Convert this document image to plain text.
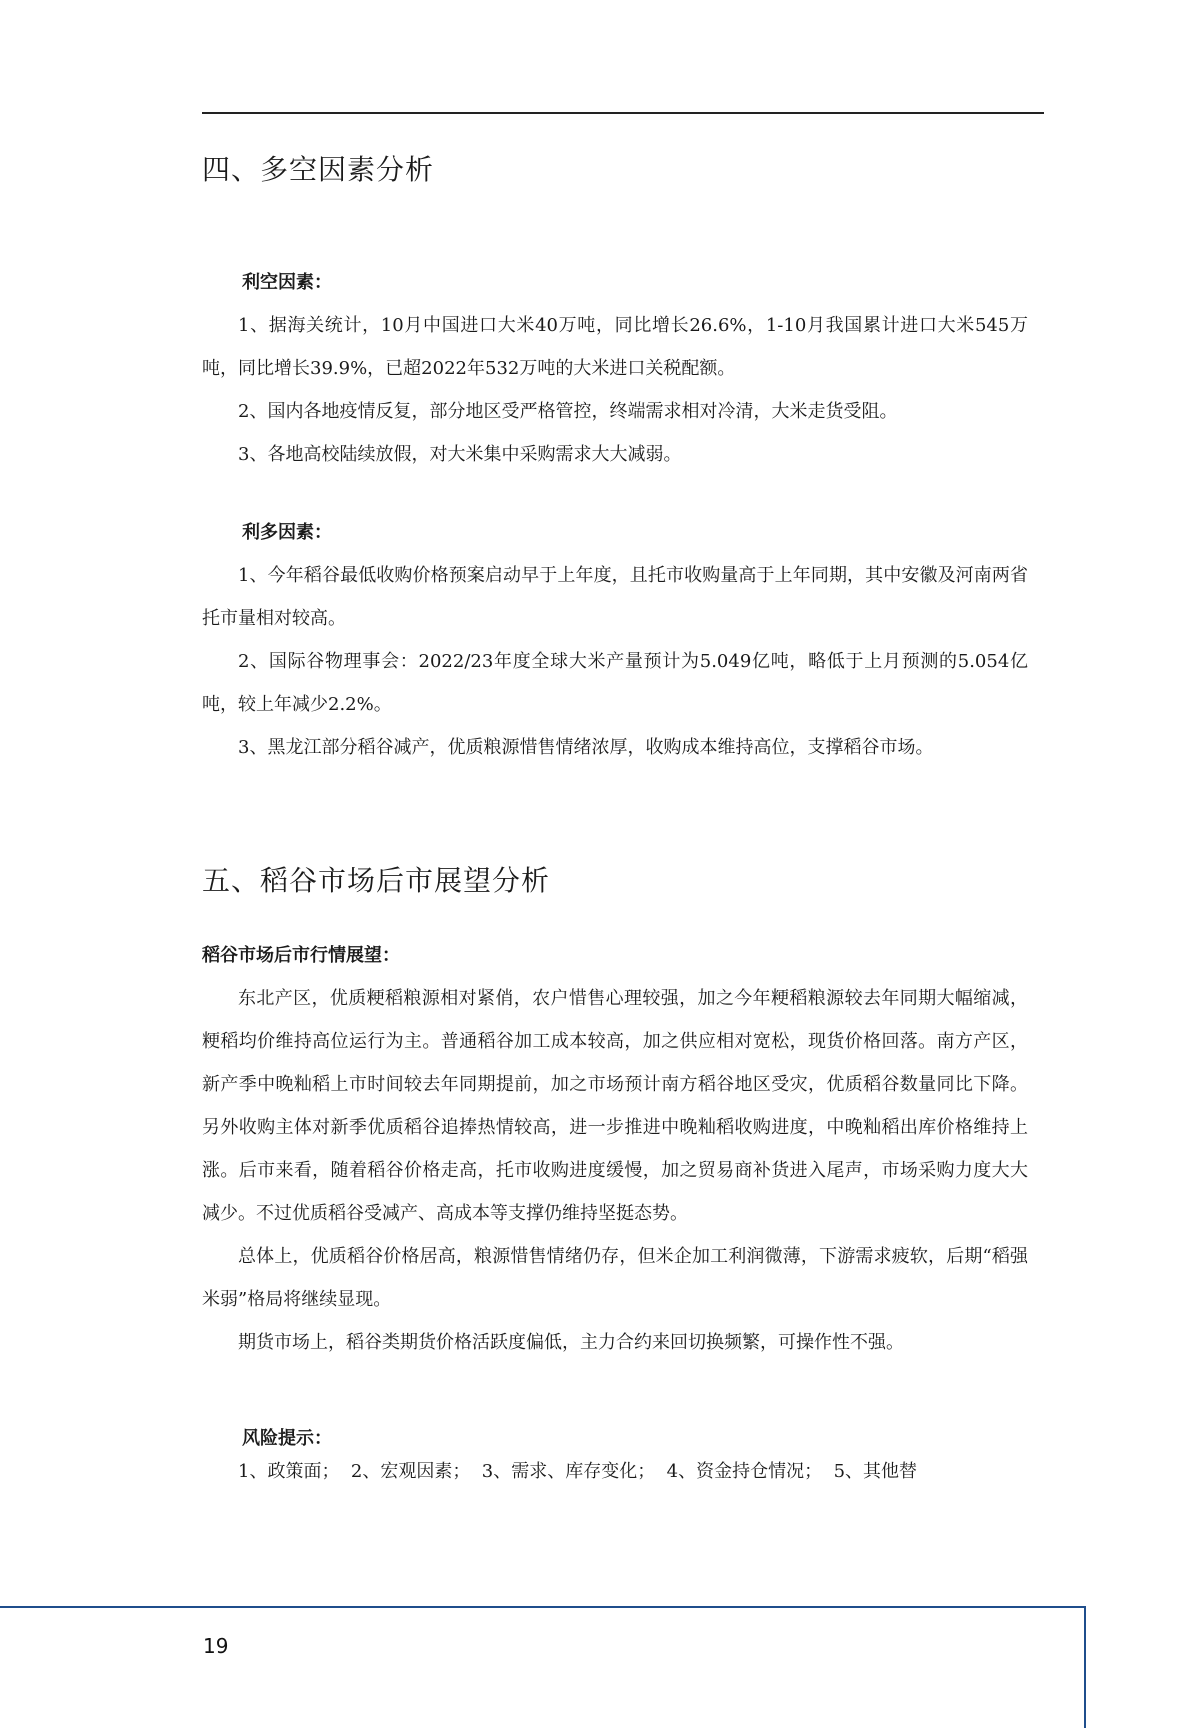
四、多空因素分析

利空因素：

1、据海关统计，10月中国进口大米40万吨，同比增长26.6%，1-10月我国累计进口大米545万吨，同比增长39.9%，已超2022年532万吨的大米进口关税配额。

2、国内各地疫情反复，部分地区受严格管控，终端需求相对冷清，大米走货受阻。

3、各地高校陆续放假，对大米集中采购需求大大减弱。

利多因素：

1、今年稻谷最低收购价格预案启动早于上年度，且托市收购量高于上年同期，其中安徽及河南两省托市量相对较高。

2、国际谷物理事会：2022/23年度全球大米产量预计为5.049亿吨，略低于上月预测的5.054亿吨，较上年减少2.2%。

3、黑龙江部分稻谷减产，优质粮源惜售情绪浓厚，收购成本维持高位，支撑稻谷市场。

五、稻谷市场后市展望分析

稻谷市场后市行情展望：

东北产区，优质粳稻粮源相对紧俏，农户惜售心理较强，加之今年粳稻粮源较去年同期大幅缩减，粳稻均价维持高位运行为主。普通稻谷加工成本较高，加之供应相对宽松，现货价格回落。南方产区，新产季中晚籼稻上市时间较去年同期提前，加之市场预计南方稻谷地区受灾，优质稻谷数量同比下降。另外收购主体对新季优质稻谷追捧热情较高，进一步推进中晚籼稻收购进度，中晚籼稻出库价格维持上涨。后市来看，随着稻谷价格走高，托市收购进度缓慢，加之贸易商补货进入尾声，市场采购力度大大减少。不过优质稻谷受减产、高成本等支撑仍维持坚挺态势。

总体上，优质稻谷价格居高，粮源惜售情绪仍存，但米企加工利润微薄，下游需求疲软，后期“稻强米弱”格局将继续显现。

期货市场上，稻谷类期货价格活跃度偏低，主力合约来回切换频繁，可操作性不强。

风险提示：

1、政策面；  2、宏观因素；  3、需求、库存变化；  4、资金持仓情况；  5、其他替

19
